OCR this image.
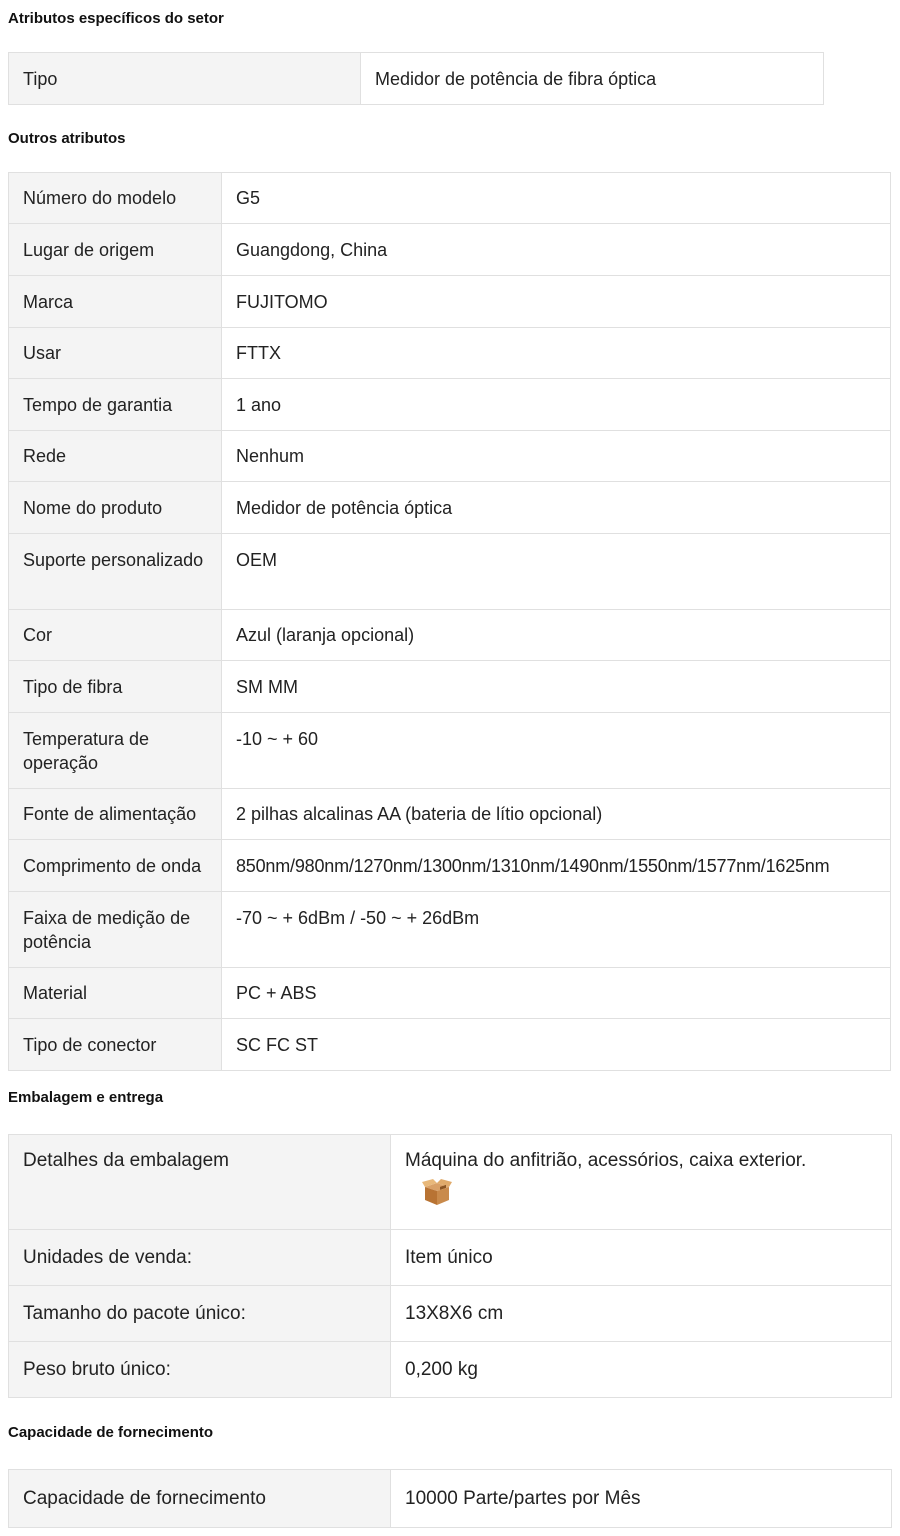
Atributos específicos do setor
Tipo	Medidor de potência de fibra óptica
Outros atributos
Número do modelo	G5
Lugar de origem	Guangdong, China
Marca	FUJITOMO
Usar	FTTX
Tempo de garantia	1 ano
Rede	Nenhum
Nome do produto	Medidor de potência óptica
Suporte personalizado	OEM
Cor	Azul (laranja opcional)
Tipo de fibra	SM MM
Temperatura de operação	-10 ~ + 60
Fonte de alimentação	2 pilhas alcalinas AA (bateria de lítio opcional)
Comprimento de onda	850nm/980nm/1270nm/1300nm/1310nm/1490nm/1550nm/1577nm/1625nm
Faixa de medição de potência	-70 ~ + 6dBm / -50 ~ + 26dBm
Material	PC + ABS
Tipo de conector	SC FC ST
Embalagem e entrega
Detalhes da embalagem	Máquina do anfitrião, acessórios, caixa exterior.

Unidades de venda:	Item único
Tamanho do pacote único:	13X8X6 cm
Peso bruto único:	0,200 kg
Capacidade de fornecimento
Capacidade de fornecimento	10000 Parte/partes por Mês
